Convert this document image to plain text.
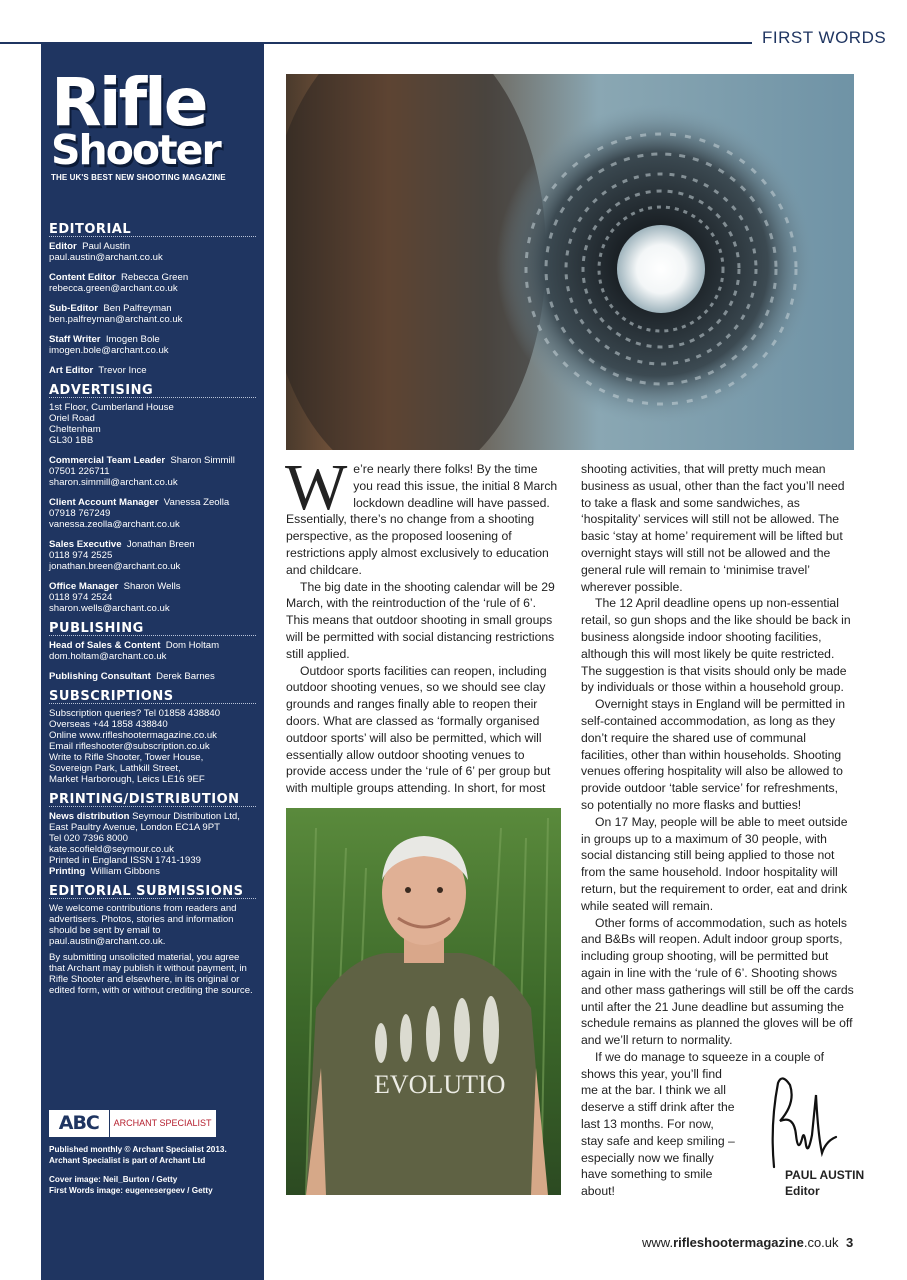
FIRST WORDS
Rifle
Shooter
THE UK'S BEST NEW SHOOTING MAGAZINE
EDITORIAL
Editor Paul Austin
paul.austin@archant.co.uk
Content Editor Rebecca Green
rebecca.green@archant.co.uk
Sub-Editor Ben Palfreyman
ben.palfreyman@archant.co.uk
Staff Writer Imogen Bole
imogen.bole@archant.co.uk
Art Editor Trevor Ince
ADVERTISING
1st Floor, Cumberland House
Oriel Road
Cheltenham
GL30 1BB
Commercial Team Leader Sharon Simmill
07501 226711
sharon.simmill@archant.co.uk
Client Account Manager Vanessa Zeolla
07918 767249
vanessa.zeolla@archant.co.uk
Sales Executive Jonathan Breen
0118 974 2525
jonathan.breen@archant.co.uk
Office Manager Sharon Wells
0118 974 2524
sharon.wells@archant.co.uk
PUBLISHING
Head of Sales & Content Dom Holtam
dom.holtam@archant.co.uk
Publishing Consultant Derek Barnes
SUBSCRIPTIONS
Subscription queries? Tel 01858 438840
Overseas +44 1858 438840
Online www.rifleshootermagazine.co.uk
Email rifleshooter@subscription.co.uk
Write to Rifle Shooter, Tower House,
Sovereign Park, Lathkill Street,
Market Harborough, Leics LE16 9EF
PRINTING/DISTRIBUTION
News distribution Seymour Distribution Ltd, East Paultry Avenue, London EC1A 9PT
Tel 020 7396 8000
kate.scofield@seymour.co.uk
Printed in England ISSN 1741-1939
Printing William Gibbons
EDITORIAL SUBMISSIONS
We welcome contributions from readers and advertisers. Photos, stories and information should be sent by email to paul.austin@archant.co.uk.
By submitting unsolicited material, you agree that Archant may publish it without payment, in Rifle Shooter and elsewhere, in its original or edited form, with or without crediting the source.
ABC	ARCHANT SPECIALIST
Published monthly © Archant Specialist 2013.
Archant Specialist is part of Archant Ltd
Cover image: Neil_Burton / Getty
First Words image: eugenesergeev / Getty

We’re nearly there folks! By the time you read this issue, the initial 8 March lockdown deadline will have passed. Essentially, there’s no change from a shooting perspective, as the proposed loosening of restrictions apply almost exclusively to education and childcare.

The big date in the shooting calendar will be 29 March, with the reintroduction of the ‘rule of 6’. This means that outdoor shooting in small groups will be permitted with social distancing restrictions still applied.

Outdoor sports facilities can reopen, including outdoor shooting venues, so we should see clay grounds and ranges finally able to reopen their doors. What are classed as ‘formally organised outdoor sports’ will also be permitted, which will essentially allow outdoor shooting venues to provide access under the ‘rule of 6’ per group but with multiple groups attending. In short, for most

EVOLUTIO

shooting activities, that will pretty much mean business as usual, other than the fact you’ll need to take a flask and some sandwiches, as ‘hospitality’ services will still not be allowed. The basic ‘stay at home’ requirement will be lifted but overnight stays will still not be allowed and the general rule will remain to ‘minimise travel’ wherever possible.

The 12 April deadline opens up non-essential retail, so gun shops and the like should be back in business alongside indoor shooting facilities, although this will most likely be quite restricted. The suggestion is that visits should only be made by individuals or those within a household group.

Overnight stays in England will be permitted in self-contained accommodation, as long as they don’t require the shared use of communal facilities, other than within households. Shooting venues offering hospitality will also be allowed to provide outdoor ‘table service’ for refreshments, so potentially no more flasks and butties!

On 17 May, people will be able to meet outside in groups up to a maximum of 30 people, with social distancing still being applied to those not from the same household. Indoor hospitality will return, but the requirement to order, eat and drink while seated will remain.

Other forms of accommodation, such as hotels and B&Bs will reopen. Adult indoor group sports, including group shooting, will be permitted but again in line with the ‘rule of 6’. Shooting shows and other mass gatherings will still be off the cards until after the 21 June deadline but assuming the schedule remains as planned the gloves will be off and we’ll return to normality.

If we do manage to squeeze in a couple of

shows this year, you’ll find me at the bar. I think we all deserve a stiff drink after the last 13 months. For now, stay safe and keep smiling – especially now we finally have something to smile about!

PAUL AUSTIN
Editor
www.rifleshootermagazine.co.uk 3
